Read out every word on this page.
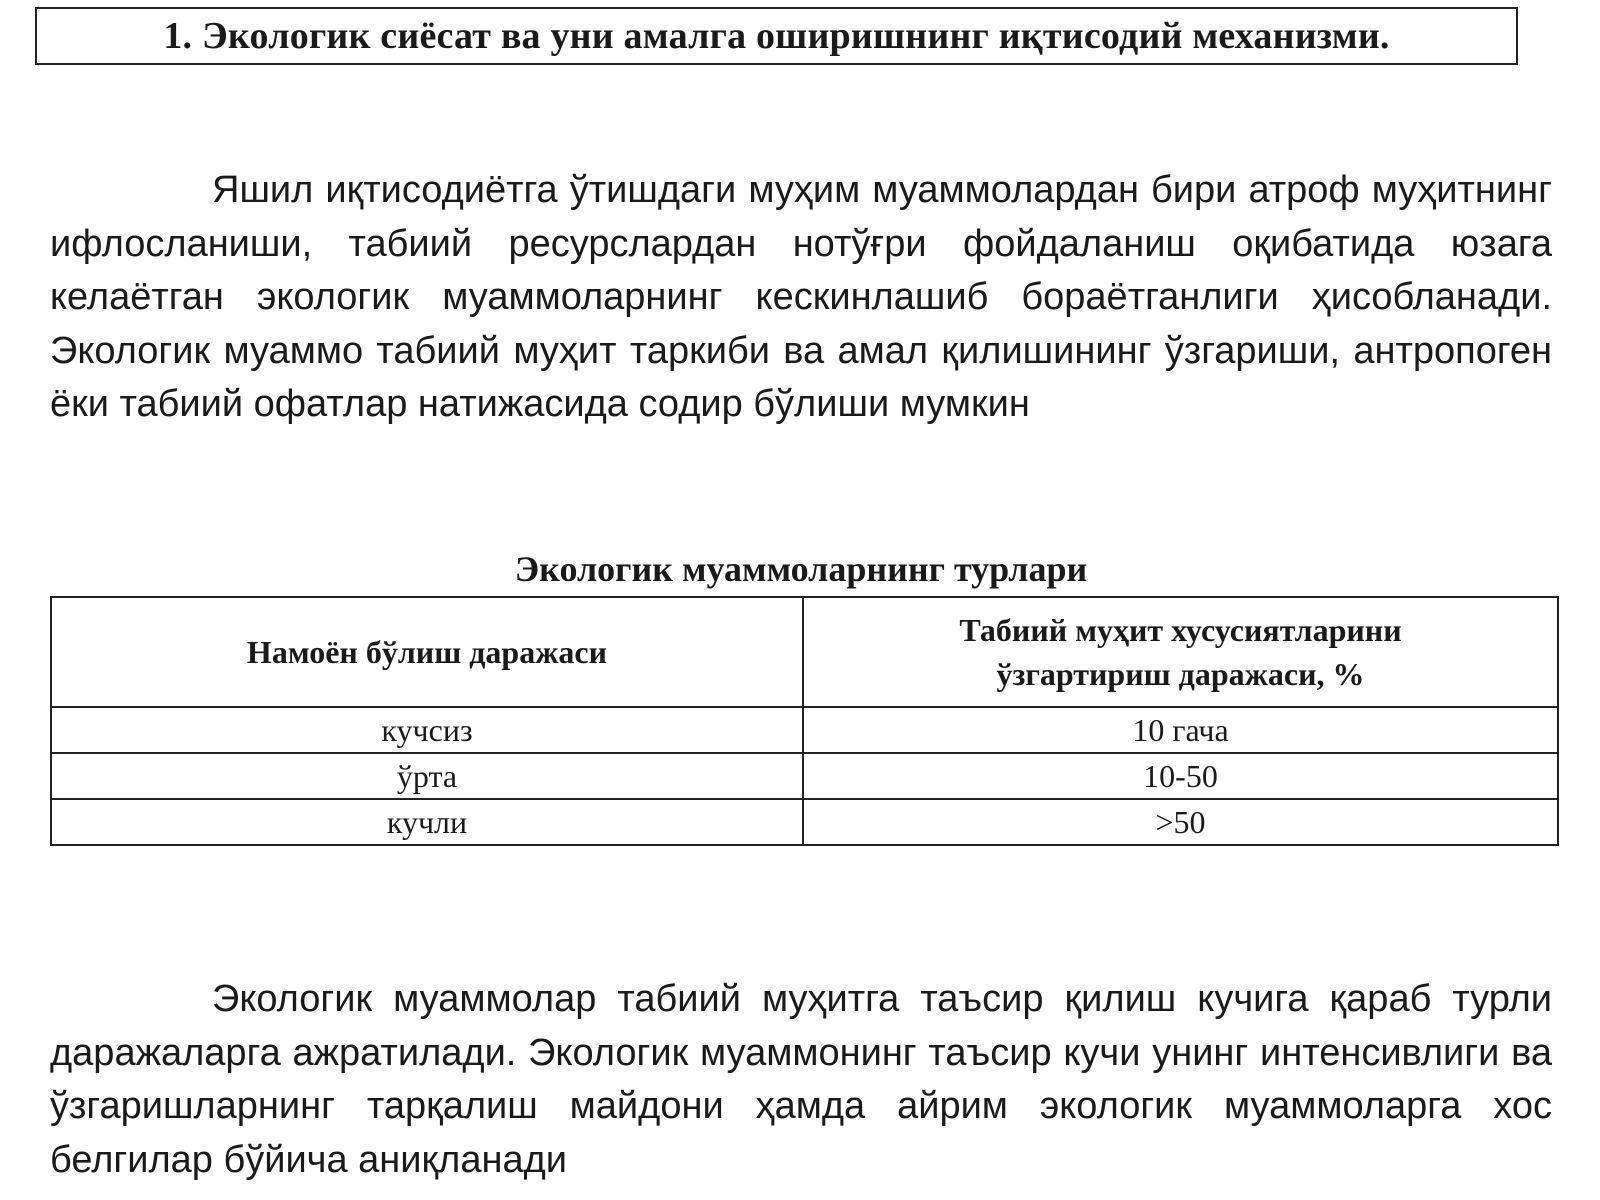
1. Экологик сиёсат ва уни амалга оширишнинг иқтисодий механизми.

Яшил иқтисодиётга ўтишдаги муҳим муаммолардан бири атроф муҳитнинг ифлосланиши, табиий ресурслардан нотўғри фойдаланиш оқибатида юзага келаётган экологик муаммоларнинг кескинлашиб бораётганлиги ҳисобланади. Экологик муаммо табиий муҳит таркиби ва амал қилишининг ўзгариши, антропоген ёки табиий офатлар натижасида содир бўлиши мумкин

Экологик муаммоларнинг турлари
Намоён бўлиш даражаси	Табиий муҳит хусусиятларини
ўзгартириш даражаси, %

кучсиз	10 гача
ўрта	10-50
кучли	>50

Экологик муаммолар табиий муҳитга таъсир қилиш кучига қараб турли даражаларга ажратилади. Экологик муаммонинг таъсир кучи унинг интенсивлиги ва ўзгаришларнинг тарқалиш майдони ҳамда айрим экологик муаммоларга хос белгилар бўйича аниқланади
